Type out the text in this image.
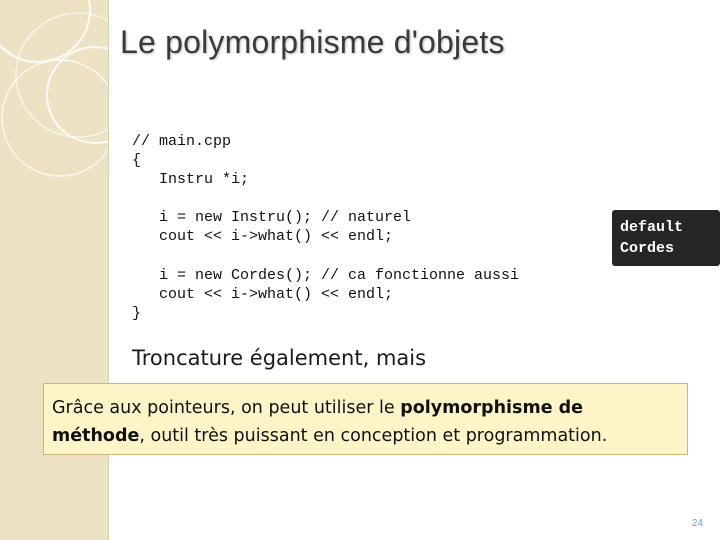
Le polymorphisme d'objets
// main.cpp
{
Instru *i;
i = new Instru(); // naturel
cout << i->what() << endl;
i = new Cordes(); // ca fonctionne aussi
cout << i->what() << endl;
}
default
Cordes
Troncature également, mais
Grâce aux pointeurs, on peut utiliser le polymorphisme de méthode, outil très puissant en conception et programmation.
24
